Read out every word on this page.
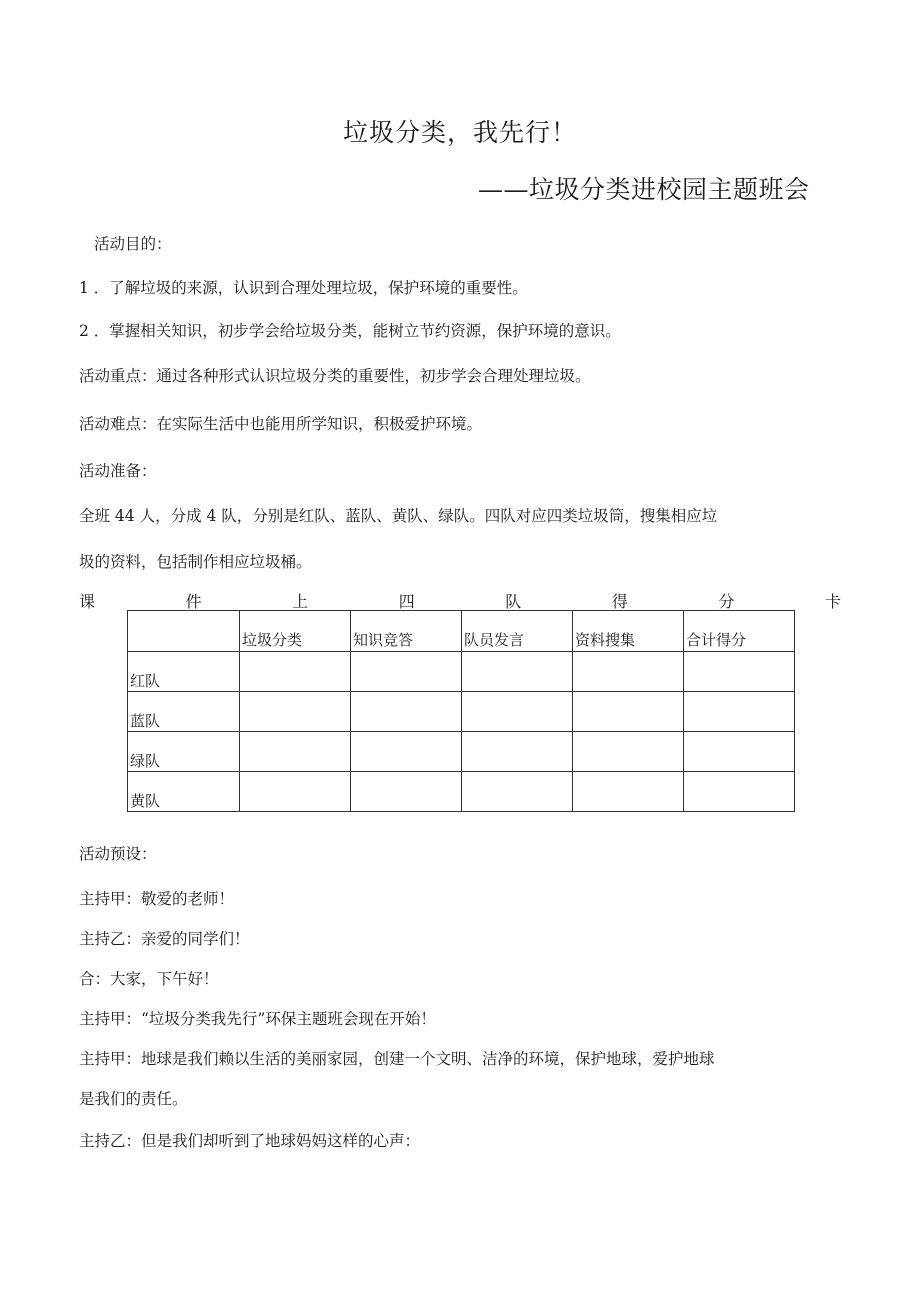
垃圾分类，我先行！
——垃圾分类进校园主题班会
活动目的：
1 ．了解垃圾的来源，认识到合理处理垃圾，保护环境的重要性。
2 ．掌握相关知识，初步学会给垃圾分类，能树立节约资源，保护环境的意识。
活动重点：通过各种形式认识垃圾分类的重要性，初步学会合理处理垃圾。
活动难点：在实际生活中也能用所学知识，积极爱护环境。
活动准备：
全班 44 人，分成 4 队，分别是红队、蓝队、黄队、绿队。四队对应四类垃圾筒，搜集相应垃
圾的资料，包括制作相应垃圾桶。
课	件	上	四	队	得	分	卡
	垃圾分类	知识竞答	队员发言	资料搜集	合计得分
红队					
蓝队					
绿队					
黄队					
活动预设：
主持甲：敬爱的老师！
主持乙：亲爱的同学们！
合：大家，下午好！
主持甲：“垃圾分类我先行”环保主题班会现在开始！
主持甲：地球是我们赖以生活的美丽家园，创建一个文明、洁净的环境，保护地球，爱护地球
是我们的责任。
主持乙：但是我们却听到了地球妈妈这样的心声：
